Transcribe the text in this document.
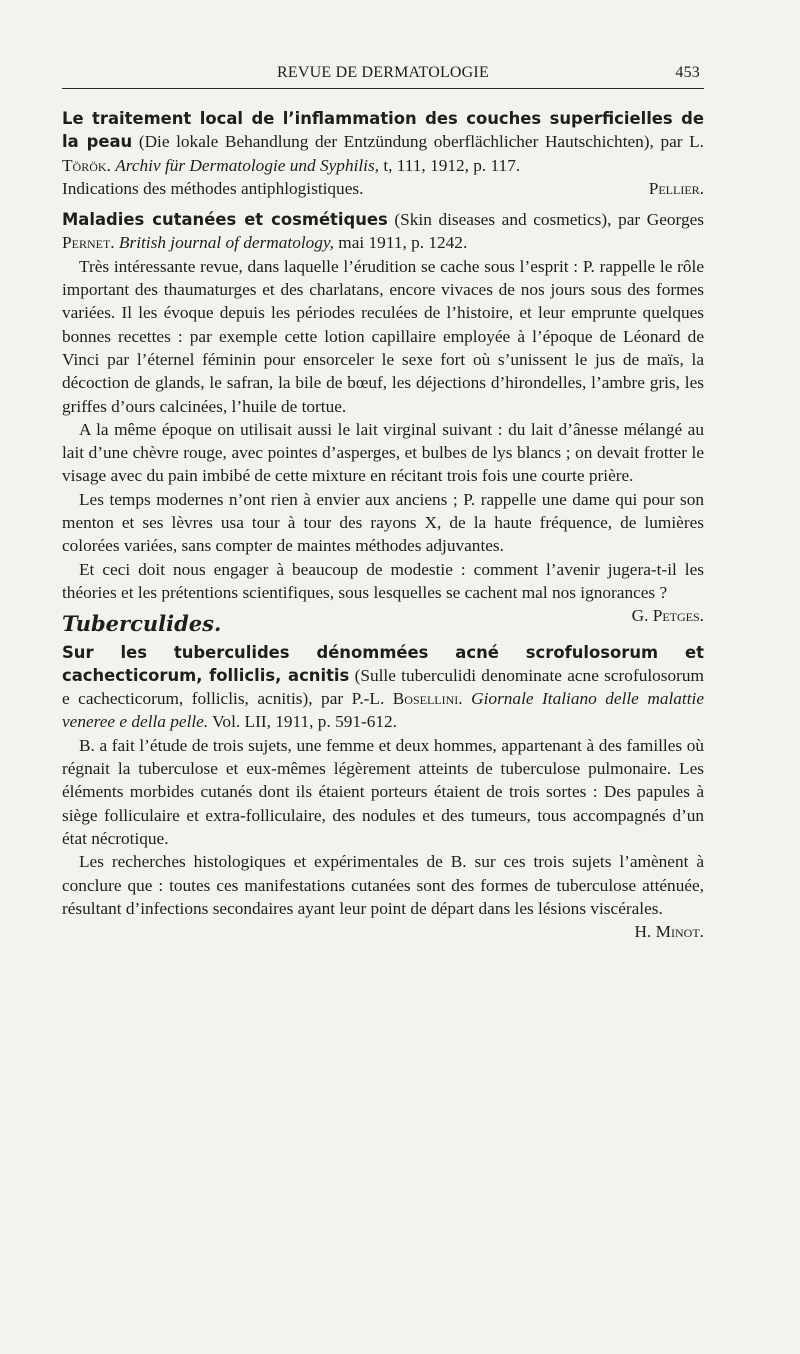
REVUE DE DERMATOLOGIE	453

Le traitement local de l’inflammation des couches superficielles de la peau (Die lokale Behandlung der Entzündung oberflächlicher Hautschichten), par L. Török. Archiv für Dermatologie und Syphilis, t, 111, 1912, p. 117.

Indications des méthodes antiphlogistiques.	Pellier.

Maladies cutanées et cosmétiques (Skin diseases and cosmetics), par Georges Pernet. British journal of dermatology, mai 1911, p. 1242.

Très intéressante revue, dans laquelle l’érudition se cache sous l’esprit : P. rappelle le rôle important des thaumaturges et des charlatans, encore vivaces de nos jours sous des formes variées. Il les évoque depuis les périodes reculées de l’histoire, et leur emprunte quelques bonnes recettes : par exemple cette lotion capillaire employée à l’époque de Léonard de Vinci par l’éternel féminin pour ensorceler le sexe fort où s’unissent le jus de maïs, la décoction de glands, le safran, la bile de bœuf, les déjections d’hirondelles, l’ambre gris, les griffes d’ours calcinées, l’huile de tortue.

A la même époque on utilisait aussi le lait virginal suivant : du lait d’ânesse mélangé au lait d’une chèvre rouge, avec pointes d’asperges, et bulbes de lys blancs ; on devait frotter le visage avec du pain imbibé de cette mixture en récitant trois fois une courte prière.

Les temps modernes n’ont rien à envier aux anciens ; P. rappelle une dame qui pour son menton et ses lèvres usa tour à tour des rayons X, de la haute fréquence, de lumières colorées variées, sans compter de maintes méthodes adjuvantes.

Et ceci doit nous engager à beaucoup de modestie : comment l’avenir jugera-t-il les théories et les prétentions scientifiques, sous lesquelles se cachent mal nos ignorances ?
G. Petges.

Tuberculides.

Sur les tuberculides dénommées acné scrofulosorum et cachecticorum, folliclis, acnitis (Sulle tuberculidi denominate acne scrofulosorum e cachecticorum, folliclis, acnitis), par P.-L. Bosellini. Giornale Italiano delle malattie veneree e della pelle. Vol. LII, 1911, p. 591-612.

B. a fait l’étude de trois sujets, une femme et deux hommes, appartenant à des familles où régnait la tuberculose et eux-mêmes légèrement atteints de tuberculose pulmonaire. Les éléments morbides cutanés dont ils étaient porteurs étaient de trois sortes : Des papules à siège folliculaire et extra-folliculaire, des nodules et des tumeurs, tous accompagnés d’un état nécrotique.

Les recherches histologiques et expérimentales de B. sur ces trois sujets l’amènent à conclure que : toutes ces manifestations cutanées sont des formes de tuberculose atténuée, résultant d’infections secondaires ayant leur point de départ dans les lésions viscérales.
H. Minot.
